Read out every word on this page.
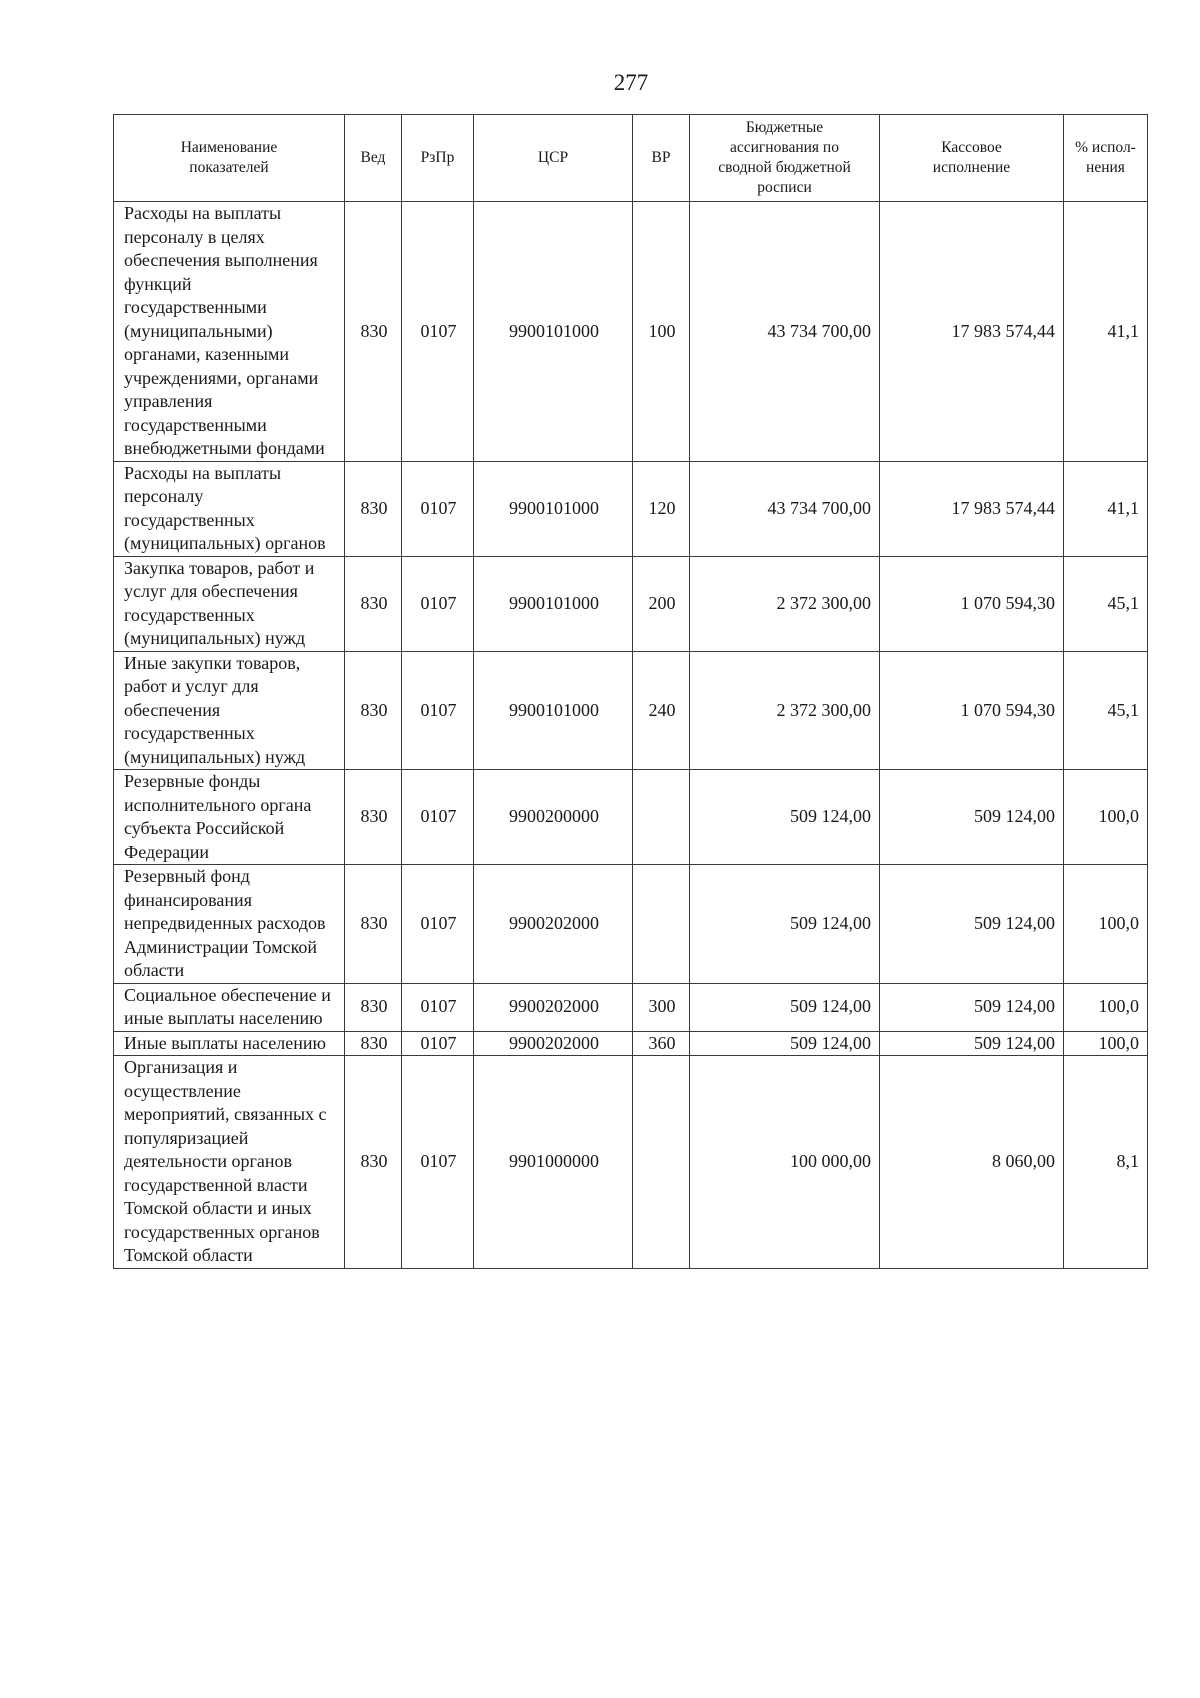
277
Наименование показателей	Вед	РзПр	ЦСР	ВР	Бюджетные ассигнования по сводной бюджетной росписи	Кассовое исполнение	% испол-нения
Расходы на выплаты персоналу в целях обеспечения выполнения функций государственными (муниципальными) органами, казенными учреждениями, органами управления государственными внебюджетными фондами	830	0107	9900101000	100	43 734 700,00	17 983 574,44	41,1
Расходы на выплаты персоналу государственных (муниципальных) органов	830	0107	9900101000	120	43 734 700,00	17 983 574,44	41,1
Закупка товаров, работ и услуг для обеспечения государственных (муниципальных) нужд	830	0107	9900101000	200	2 372 300,00	1 070 594,30	45,1
Иные закупки товаров, работ и услуг для обеспечения государственных (муниципальных) нужд	830	0107	9900101000	240	2 372 300,00	1 070 594,30	45,1
Резервные фонды исполнительного органа субъекта Российской Федерации	830	0107	9900200000		509 124,00	509 124,00	100,0
Резервный фонд финансирования непредвиденных расходов Администрации Томской области	830	0107	9900202000		509 124,00	509 124,00	100,0
Социальное обеспечение и иные выплаты населению	830	0107	9900202000	300	509 124,00	509 124,00	100,0
Иные выплаты населению	830	0107	9900202000	360	509 124,00	509 124,00	100,0
Организация и осуществление мероприятий, связанных с популяризацией деятельности органов государственной власти Томской области и иных государственных органов Томской области	830	0107	9901000000		100 000,00	8 060,00	8,1
